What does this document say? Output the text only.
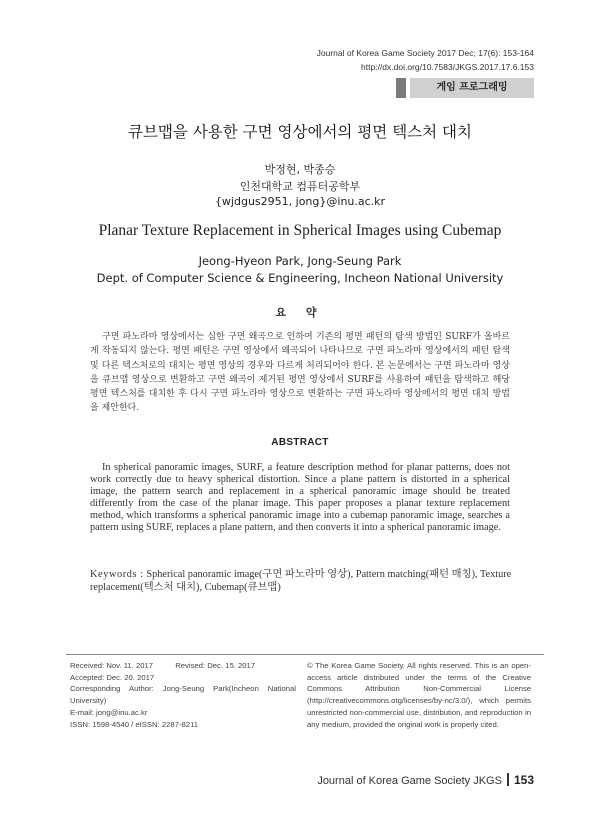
Journal of Korea Game Society 2017 Dec; 17(6): 153-164
http://dx.doi.org/10.7583/JKGS.2017.17.6.153
게임 프로그래밍
큐브맵을 사용한 구면 영상에서의 평면 텍스처 대치
박정현, 박종승
인천대학교 컴퓨터공학부
{wjdgus2951, jong}@inu.ac.kr
Planar Texture Replacement in Spherical Images using Cubemap
Jeong-Hyeon Park, Jong-Seung Park
Dept. of Computer Science & Engineering, Incheon National University
요 약
구면 파노라마 영상에서는 심한 구면 왜곡으로 인하여 기존의 평면 패턴의 탐색 방법인 SURF가 올바르게 작동되지 않는다. 평면 패턴은 구면 영상에서 왜곡되어 나타나므로 구면 파노라마 영상에서의 패턴 탐색 및 다른 텍스처로의 대치는 평면 영상의 경우와 다르게 처리되어야 한다. 본 논문에서는 구면 파노라마 영상을 큐브맵 영상으로 변환하고 구면 왜곡이 제거된 평면 영상에서 SURF를 사용하여 패턴을 탐색하고 해당 평면 텍스처를 대치한 후 다시 구면 파노라마 영상으로 변환하는 구면 파노라마 영상에서의 평면 대치 방법을 제안한다.
ABSTRACT
In spherical panoramic images, SURF, a feature description method for planar patterns, does not work correctly due to heavy spherical distortion. Since a plane pattern is distorted in a spherical image, the pattern search and replacement in a spherical panoramic image should be treated differently from the case of the planar image. This paper proposes a planar texture replacement method, which transforms a spherical panoramic image into a cubemap panoramic image, searches a pattern using SURF, replaces a plane pattern, and then converts it into a spherical panoramic image.
Keywords : Spherical panoramic image(구면 파노라마 영상), Pattern matching(패턴 매칭), Texture replacement(텍스처 대치), Cubemap(큐브맵)
Received: Nov. 11. 2017	Revised: Dec. 15. 2017
Accepted: Dec. 20. 2017
Corresponding Author: Jong-Seung Park(Incheon National University)
E-mail: jong@inu.ac.kr
ISSN: 1598-4540 / eISSN: 2287-8211
© The Korea Game Society. All rights reserved. This is an open-access article distributed under the terms of the Creative Commons Attribution Non-Commercial License (http://creativecommons.otg/licenses/by-nc/3.0/), which permits unrestricted non-commercial use, distribution, and reproduction in any medium, provided the original work is properly cited.
Journal of Korea Game Society JKGS 153
